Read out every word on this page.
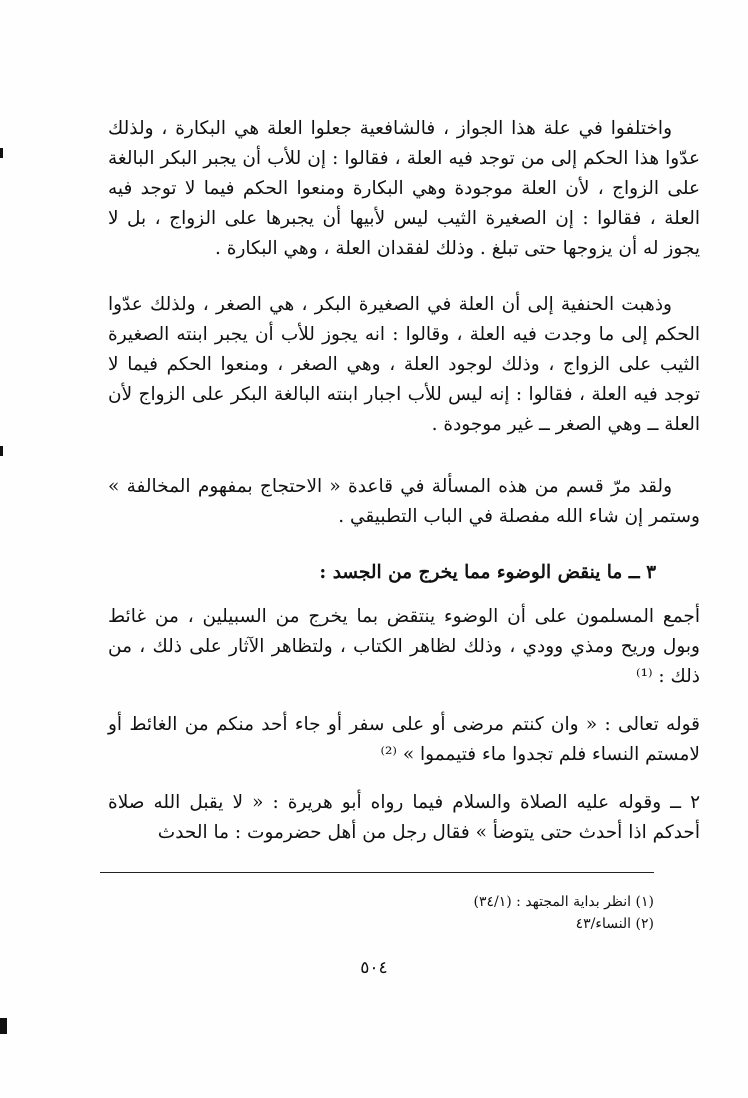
واختلفوا في علة هذا الجواز ، فالشافعية جعلوا العلة هي البكارة ، ولذلك عدّوا هذا الحكم إلى من توجد فيه العلة ، فقالوا : إن للأب أن يجبر البكر البالغة على الزواج ، لأن العلة موجودة وهي البكارة ومنعوا الحكم فيما لا توجد فيه العلة ، فقالوا : إن الصغيرة الثيب ليس لأبيها أن يجبرها على الزواج ، بل لا يجوز له أن يزوجها حتى تبلغ . وذلك لفقدان العلة ، وهي البكارة .

وذهبت الحنفية إلى أن العلة في الصغيرة البكر ، هي الصغر ، ولذلك عدّوا الحكم إلى ما وجدت فيه العلة ، وقالوا : انه يجوز للأب أن يجبر ابنته الصغيرة الثيب على الزواج ، وذلك لوجود العلة ، وهي الصغر ، ومنعوا الحكم فيما لا توجد فيه العلة ، فقالوا : إنه ليس للأب اجبار ابنته البالغة البكر على الزواج لأن العلة ــ وهي الصغر ــ غير موجودة .

ولقد مرّ قسم من هذه المسألة في قاعدة « الاحتجاج بمفهوم المخالفة » وستمر إن شاء الله مفصلة في الباب التطبيقي .

٣ ــ ما ينقض الوضوء مما يخرج من الجسد :

أجمع المسلمون على أن الوضوء ينتقض بما يخرج من السبيلين ، من غائط وبول وريح ومذي وودي ، وذلك لظاهر الكتاب ، ولتظاهر الآثار على ذلك ، من ذلك : ⁽¹⁾

قوله تعالى : « وان كنتم مرضى أو على سفر أو جاء أحد منكم من الغائط أو لامستم النساء فلم تجدوا ماء فتيمموا » ⁽²⁾

٢ ــ وقوله عليه الصلاة والسلام فيما رواه أبو هريرة : « لا يقبل الله صلاة أحدكم اذا أحدث حتى يتوضأ » فقال رجل من أهل حضرموت : ما الحدث

(١) انظر بداية المجتهد : (٣٤/١)

(٢) النساء/٤٣

٥٠٤
